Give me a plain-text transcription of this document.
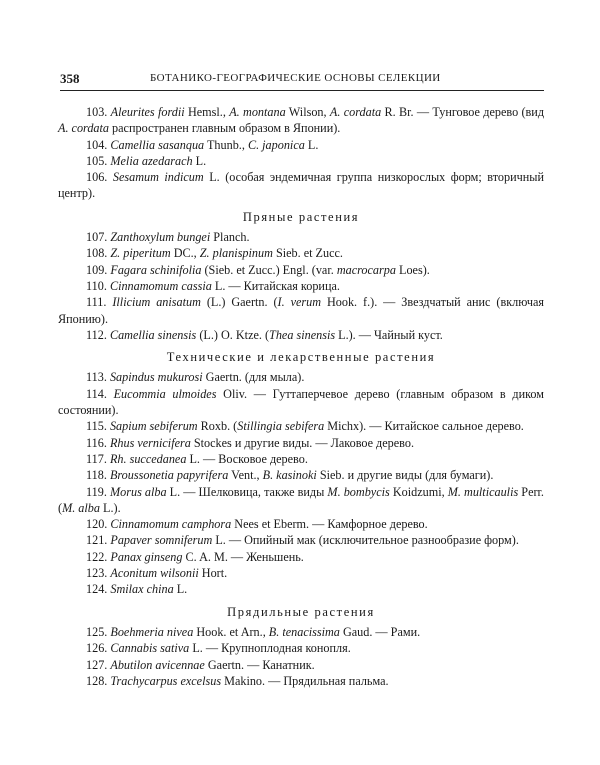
358	БОТАНИКО-ГЕОГРАФИЧЕСКИЕ ОСНОВЫ СЕЛЕКЦИИ

103. Aleurites fordii Hemsl., A. montana Wilson, A. cordata R. Br. — Тунговое дерево (вид A. cordata распространен главным образом в Японии).

104. Camellia sasanqua Thunb., C. japonica L.

105. Melia azedarach L.

106. Sesamum indicum L. (особая эндемичная группа низкорослых форм; вторичный центр).

Пряные растения

107. Zanthoxylum bungei Planch.

108. Z. piperitum DC., Z. planispinum Sieb. et Zucc.

109. Fagara schinifolia (Sieb. et Zucc.) Engl. (var. macrocarpa Loes).

110. Cinnamomum cassia L. — Китайская корица.

111. Illicium anisatum (L.) Gaertn. (I. verum Hook. f.). — Звездчатый анис (включая Японию).

112. Camellia sinensis (L.) O. Ktze. (Thea sinensis L.). — Чайный куст.

Технические и лекарственные растения

113. Sapindus mukurosi Gaertn. (для мыла).

114. Eucommia ulmoides Oliv. — Гуттаперчевое дерево (главным образом в диком состоянии).

115. Sapium sebiferum Roxb. (Stillingia sebifera Michx). — Китайское сальное дерево.

116. Rhus vernicifera Stockes и другие виды. — Лаковое дерево.

117. Rh. succedanea L. — Восковое дерево.

118. Broussonetia papyrifera Vent., B. kasinoki Sieb. и другие виды (для бумаги).

119. Morus alba L. — Шелковица, также виды M. bombycis Koidzumi, M. multicaulis Perr. (M. alba L.).

120. Cinnamomum camphora Nees et Eberm. — Камфорное дерево.

121. Papaver somniferum L. — Опийный мак (исключительное разнообразие форм).

122. Panax ginseng C. A. M. — Женьшень.

123. Aconitum wilsonii Hort.

124. Smilax china L.

Прядильные растения

125. Boehmeria nivea Hook. et Arn., B. tenacissima Gaud. — Рами.

126. Cannabis sativa L. — Крупноплодная конопля.

127. Abutilon avicennae Gaertn. — Канатник.

128. Trachycarpus excelsus Makino. — Прядильная пальма.
